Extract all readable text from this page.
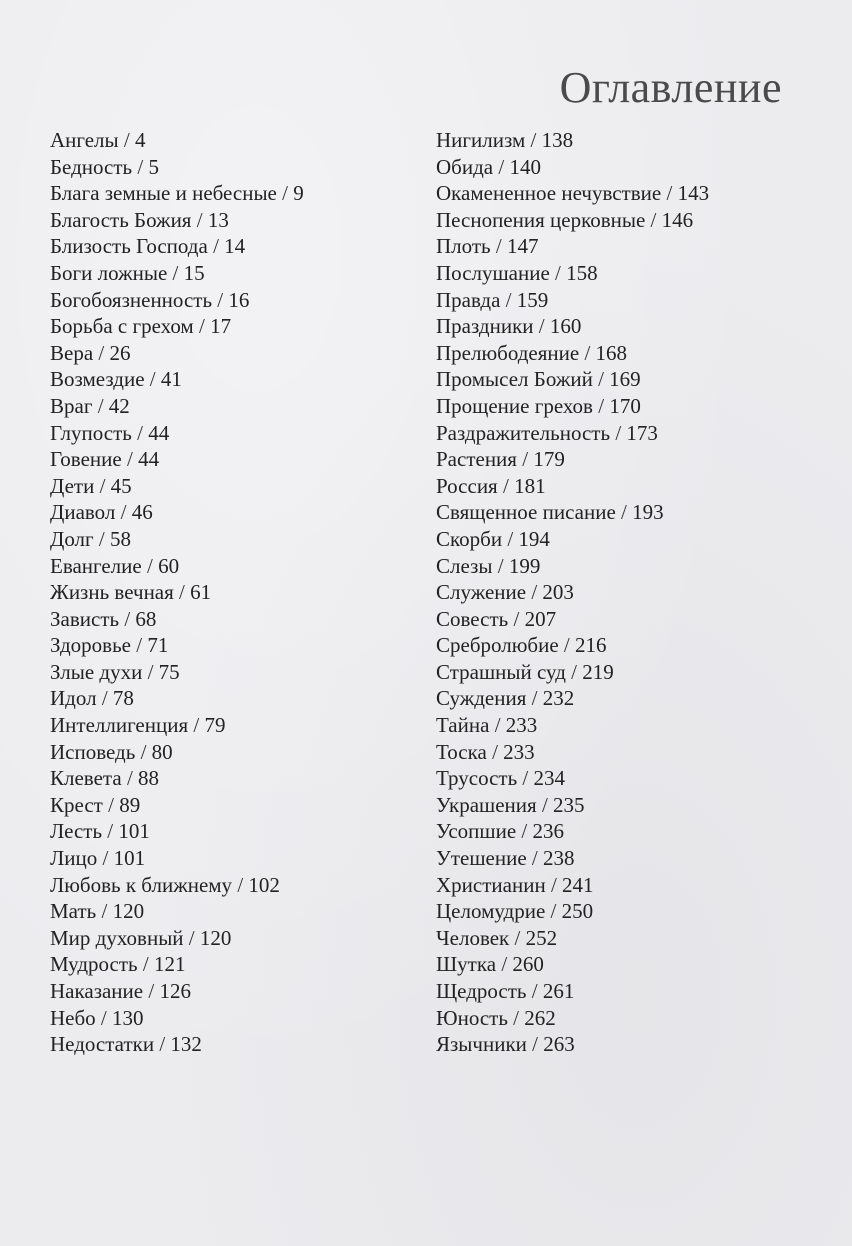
Оглавление
Ангелы / 4
Бедность / 5
Блага земные и небесные / 9
Благость Божия / 13
Близость Господа / 14
Боги ложные / 15
Богобоязненность / 16
Борьба с грехом / 17
Вера / 26
Возмездие / 41
Враг / 42
Глупость / 44
Говение / 44
Дети / 45
Диавол / 46
Долг / 58
Евангелие / 60
Жизнь вечная / 61
Зависть / 68
Здоровье / 71
Злые духи / 75
Идол / 78
Интеллигенция / 79
Исповедь / 80
Клевета / 88
Крест / 89
Лесть / 101
Лицо / 101
Любовь к ближнему / 102
Мать / 120
Мир духовный / 120
Мудрость / 121
Наказание / 126
Небо / 130
Недостатки / 132
Нигилизм / 138
Обида / 140
Окамененное нечувствие / 143
Песнопения церковные / 146
Плоть / 147
Послушание / 158
Правда / 159
Праздники / 160
Прелюбодеяние / 168
Промысел Божий / 169
Прощение грехов / 170
Раздражительность / 173
Растения / 179
Россия / 181
Священное писание / 193
Скорби / 194
Слезы / 199
Служение / 203
Совесть / 207
Сребролюбие / 216
Страшный суд / 219
Суждения / 232
Тайна / 233
Тоска / 233
Трусость / 234
Украшения / 235
Усопшие / 236
Утешение / 238
Христианин / 241
Целомудрие / 250
Человек / 252
Шутка / 260
Щедрость / 261
Юность / 262
Язычники / 263
